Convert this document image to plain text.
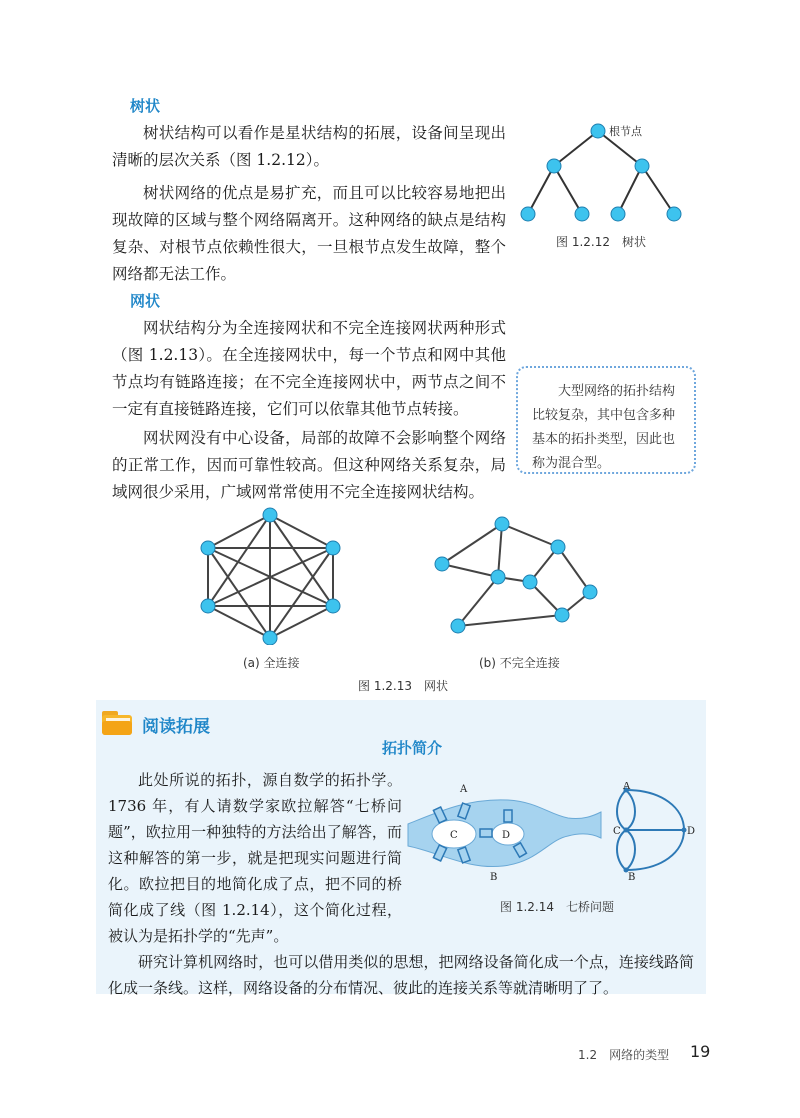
树状

树状结构可以看作是星状结构的拓展，设备间呈现出清晰的层次关系（图 1.2.12）。

树状网络的优点是易扩充，而且可以比较容易地把出现故障的区域与整个网络隔离开。这种网络的缺点是结构复杂、对根节点依赖性很大，一旦根节点发生故障，整个网络都无法工作。

根节点
图 1.2.12　树状
网状

网状结构分为全连接网状和不完全连接网状两种形式（图 1.2.13）。在全连接网状中，每一个节点和网中其他节点均有链路连接；在不完全连接网状中，两节点之间不一定有直接链路连接，它们可以依靠其他节点转接。

网状网没有中心设备，局部的故障不会影响整个网络的正常工作，因而可靠性较高。但这种网络关系复杂，局域网很少采用，广域网常常使用不完全连接网状结构。

大型网络的拓扑结构比较复杂，其中包含多种基本的拓扑类型，因此也称为混合型。
(a) 全连接	(b) 不完全连接
图 1.2.13　网状
阅读拓展
拓扑简介

此处所说的拓扑，源自数学的拓扑学。1736 年，有人请数学家欧拉解答“七桥问题”，欧拉用一种独特的方法给出了解答，而这种解答的第一步，就是把现实问题进行简化。欧拉把目的地简化成了点，把不同的桥简化成了线（图 1.2.14），这个简化过程，被认为是拓扑学的“先声”。

研究计算机网络时，也可以借用类似的思想，把网络设备简化成一个点，连接线路简化成一条线。这样，网络设备的分布情况、彼此的连接关系等就清晰明了了。

A
B
C	D
A
B
C	D
图 1.2.14　七桥问题
1.2　网络的类型 19
